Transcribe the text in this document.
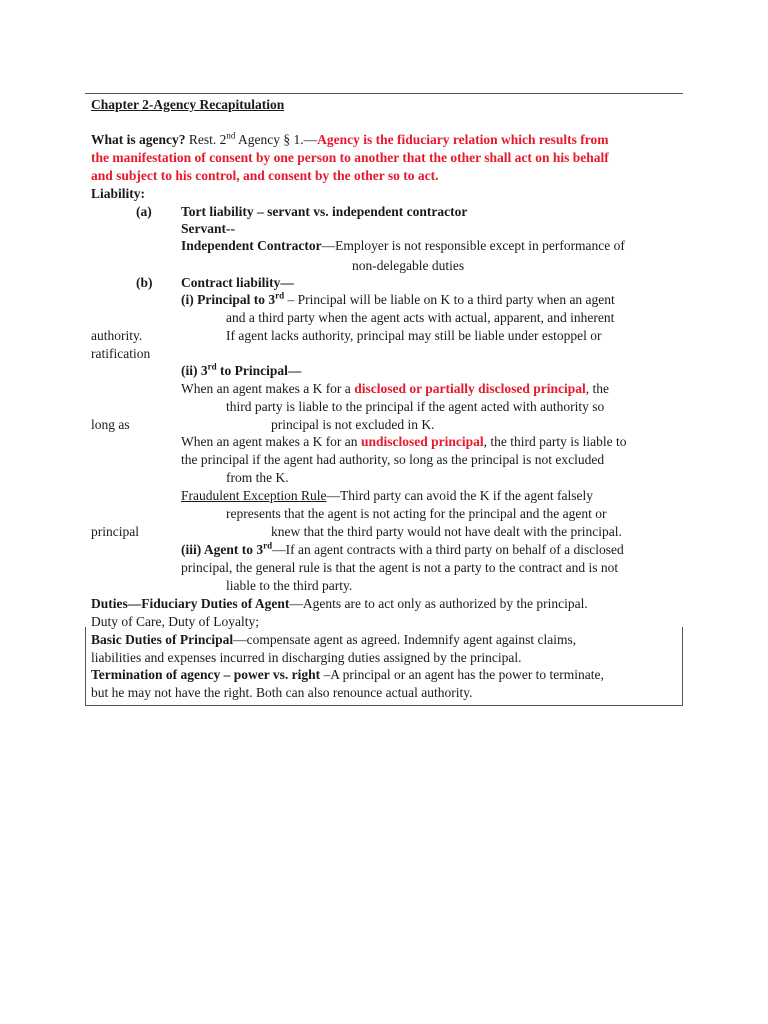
Chapter 2-Agency Recapitulation
What is agency? Rest. 2nd Agency § 1.—Agency is the fiduciary relation which results from
the manifestation of consent by one person to another that the other shall act on his behalf
and subject to his control, and consent by the other so to act.
Liability:
(a) Tort liability – servant vs. independent contractor
Servant--
Independent Contractor—Employer is not responsible except in performance of
non-delegable duties
(b) Contract liability—
(i) Principal to 3rd – Principal will be liable on K to a third party when an agent
and a third party when the agent acts with actual, apparent, and inherent
authority.	If agent lacks authority, principal may still be liable under estoppel or
ratification
(ii) 3rd to Principal—
When an agent makes a K for a disclosed or partially disclosed principal, the
third party is liable to the principal if the agent acted with authority so
long as	principal is not excluded in K.
When an agent makes a K for an undisclosed principal, the third party is liable to
the principal if the agent had authority, so long as the principal is not excluded
from the K.
Fraudulent Exception Rule—Third party can avoid the K if the agent falsely
represents that the agent is not acting for the principal and the agent or
principal	knew that the third party would not have dealt with the principal.
(iii) Agent to 3rd—If an agent contracts with a third party on behalf of a disclosed
principal, the general rule is that the agent is not a party to the contract and is not
liable to the third party.
Duties—Fiduciary Duties of Agent—Agents are to act only as authorized by the principal.
Duty of Care, Duty of Loyalty;
Basic Duties of Principal—compensate agent as agreed. Indemnify agent against claims,
liabilities and expenses incurred in discharging duties assigned by the principal.
Termination of agency – power vs. right –A principal or an agent has the power to terminate,
but he may not have the right. Both can also renounce actual authority.
